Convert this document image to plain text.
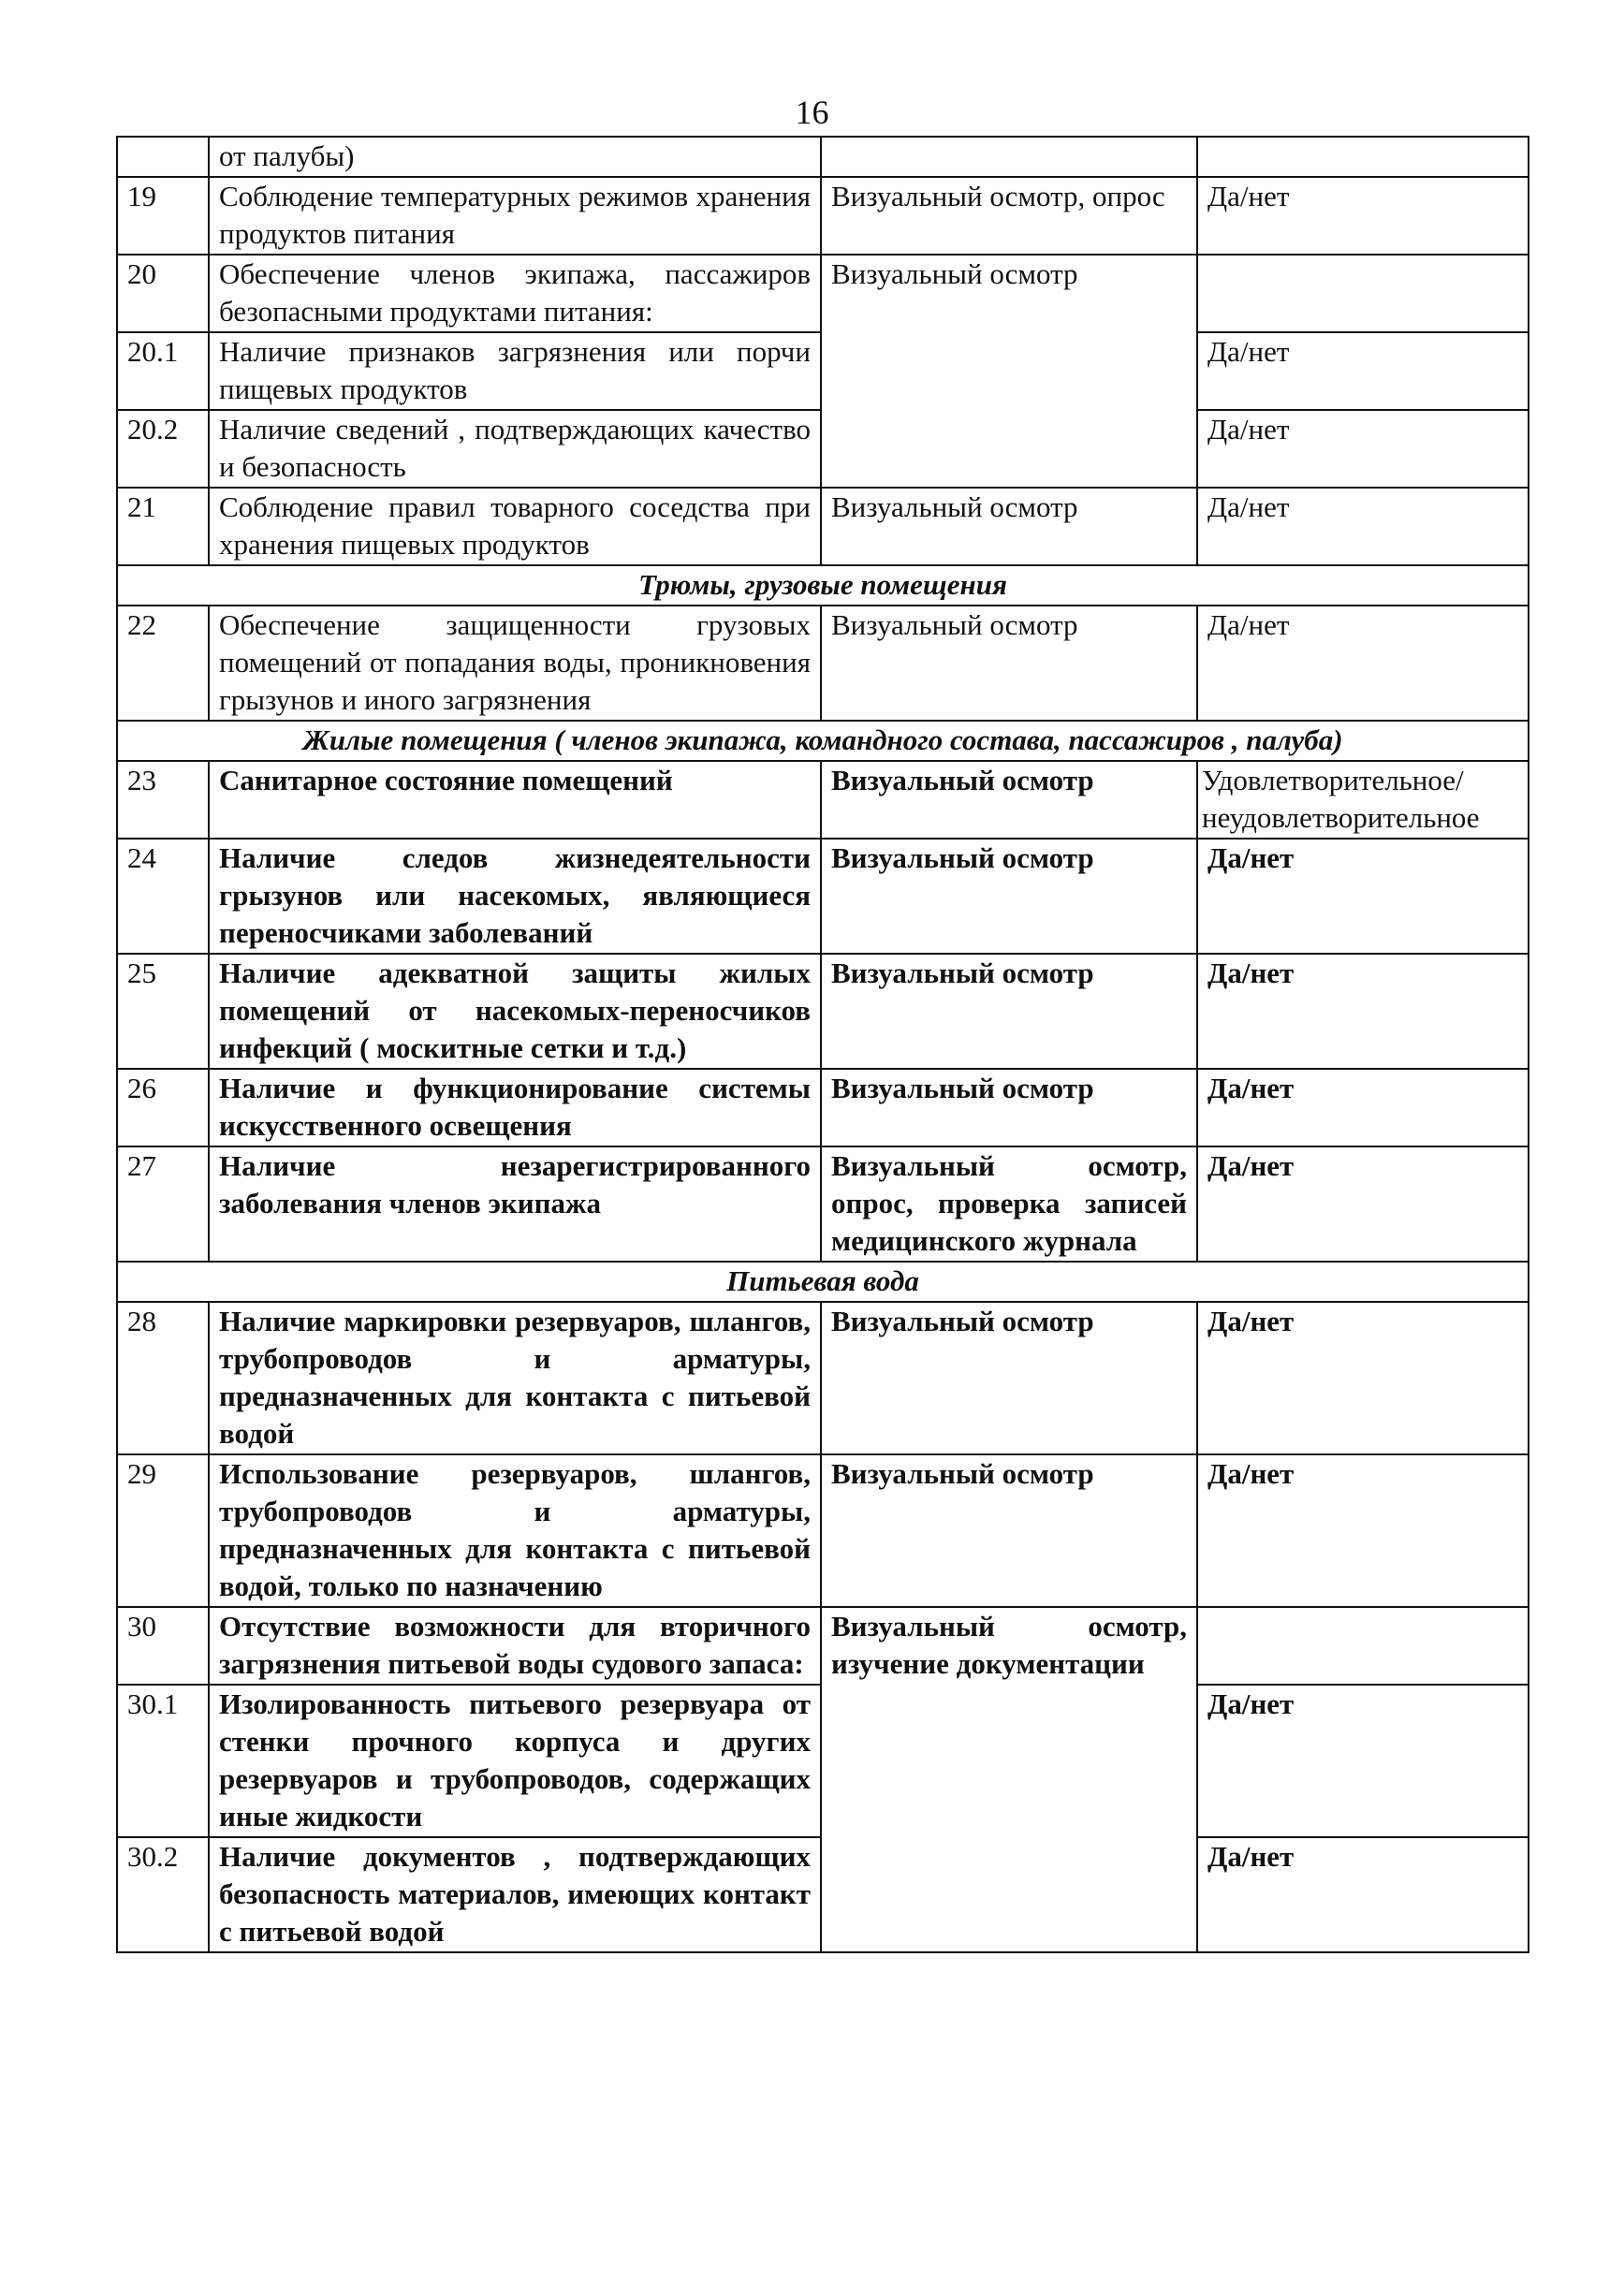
16
	от палубы)		
19	Соблюдение температурных режимов хранения продуктов питания	Визуальный осмотр, опрос	Да/нет
20	Обеспечение членов экипажа, пассажиров безопасными продуктами питания:	Визуальный осмотр	
20.1	Наличие признаков загрязнения или порчи пищевых продуктов		Да/нет
20.2	Наличие сведений , подтверждающих качество и безопасность		Да/нет
21	Соблюдение правил товарного соседства при хранения пищевых продуктов	Визуальный осмотр	Да/нет
Трюмы, грузовые помещения			
22	Обеспечение защищенности грузовых помещений от попадания воды, проникновения грызунов и иного загрязнения	Визуальный осмотр	Да/нет
Жилые помещения ( членов экипажа, командного состава, пассажиров , палуба)			
23	Санитарное состояние помещений	Визуальный осмотр	Удовлетворительное/ неудовлетворительное
24	Наличие следов жизнедеятельности грызунов или насекомых, являющиеся переносчиками заболеваний	Визуальный осмотр	Да/нет
25	Наличие адекватной защиты жилых помещений от насекомых-переносчиков инфекций ( москитные сетки и т.д.)	Визуальный осмотр	Да/нет
26	Наличие и функционирование системы искусственного освещения	Визуальный осмотр	Да/нет
27	Наличие незарегистрированного заболевания членов экипажа	Визуальный осмотр, опрос, проверка записей медицинского журнала	Да/нет
Питьевая вода			
28	Наличие маркировки резервуаров, шлангов, трубопроводов и арматуры, предназначенных для контакта с питьевой водой	Визуальный осмотр	Да/нет
29	Использование резервуаров, шлангов, трубопроводов и арматуры, предназначенных для контакта с питьевой водой, только по назначению	Визуальный осмотр	Да/нет
30	Отсутствие возможности для вторичного загрязнения питьевой воды судового запаса:	Визуальный осмотр, изучение документации	
30.1	Изолированность питьевого резервуара от стенки прочного корпуса и других резервуаров и трубопроводов, содержащих иные жидкости		Да/нет
30.2	Наличие документов , подтверждающих безопасность материалов, имеющих контакт с питьевой водой		Да/нет
